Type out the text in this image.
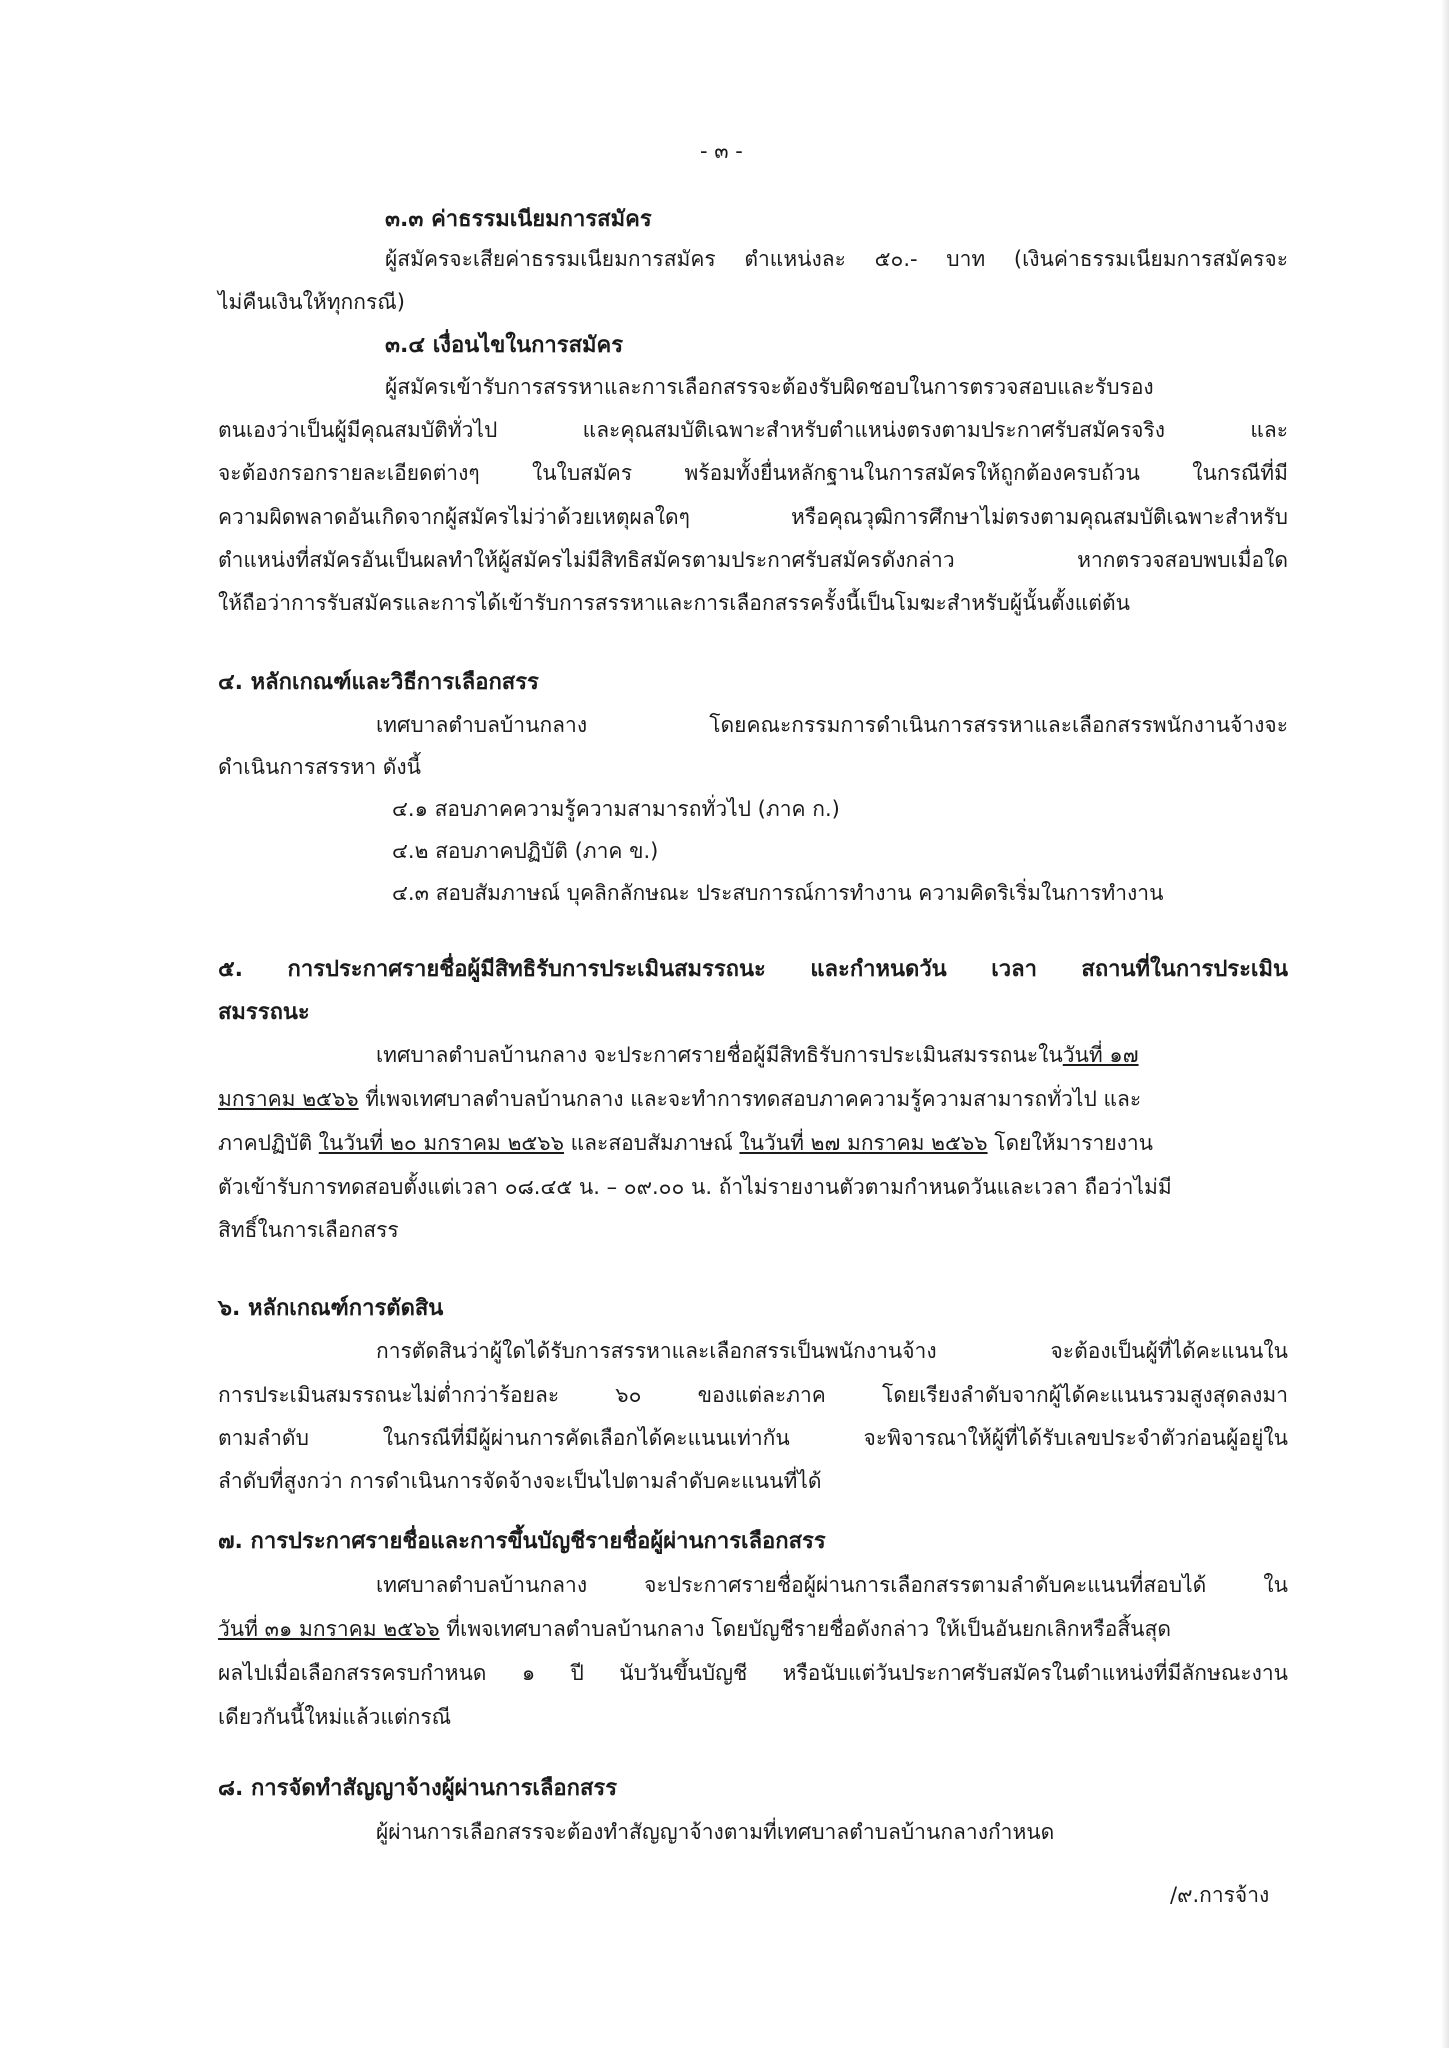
- ๓ -

๓.๓ ค่าธรรมเนียมการสมัคร

ผู้สมัครจะเสียค่าธรรมเนียมการสมัคร ตำแหน่งละ ๕๐.- บาท (เงินค่าธรรมเนียมการสมัครจะ

ไม่คืนเงินให้ทุกกรณี)

๓.๔ เงื่อนไขในการสมัคร

ผู้สมัครเข้ารับการสรรหาและการเลือกสรรจะต้องรับผิดชอบในการตรวจสอบและรับรอง

ตนเองว่าเป็นผู้มีคุณสมบัติทั่วไป และคุณสมบัติเฉพาะสำหรับตำแหน่งตรงตามประกาศรับสมัครจริง และ

จะต้องกรอกรายละเอียดต่างๆ ในใบสมัคร พร้อมทั้งยื่นหลักฐานในการสมัครให้ถูกต้องครบถ้วน ในกรณีที่มี

ความผิดพลาดอันเกิดจากผู้สมัครไม่ว่าด้วยเหตุผลใดๆ หรือคุณวุฒิการศึกษาไม่ตรงตามคุณสมบัติเฉพาะสำหรับ

ตำแหน่งที่สมัครอันเป็นผลทำให้ผู้สมัครไม่มีสิทธิสมัครตามประกาศรับสมัครดังกล่าว หากตรวจสอบพบเมื่อใด

ให้ถือว่าการรับสมัครและการได้เข้ารับการสรรหาและการเลือกสรรครั้งนี้เป็นโมฆะสำหรับผู้นั้นตั้งแต่ต้น

๔. หลักเกณฑ์และวิธีการเลือกสรร

เทศบาลตำบลบ้านกลาง โดยคณะกรรมการดำเนินการสรรหาและเลือกสรรพนักงานจ้างจะ

ดำเนินการสรรหา ดังนี้

๔.๑ สอบภาคความรู้ความสามารถทั่วไป (ภาค ก.)

๔.๒ สอบภาคปฏิบัติ (ภาค ข.)

๔.๓ สอบสัมภาษณ์ บุคลิกลักษณะ ประสบการณ์การทำงาน ความคิดริเริ่มในการทำงาน

๕. การประกาศรายชื่อผู้มีสิทธิรับการประเมินสมรรถนะ และกำหนดวัน เวลา สถานที่ในการประเมิน

สมรรถนะ

เทศบาลตำบลบ้านกลาง จะประกาศรายชื่อผู้มีสิทธิรับการประเมินสมรรถนะในวันที่ ๑๗

มกราคม ๒๕๖๖ ที่เพจเทศบาลตำบลบ้านกลาง และจะทำการทดสอบภาคความรู้ความสามารถทั่วไป และ

ภาคปฏิบัติ ในวันที่ ๒๐ มกราคม ๒๕๖๖ และสอบสัมภาษณ์ ในวันที่ ๒๗ มกราคม ๒๕๖๖ โดยให้มารายงาน

ตัวเข้ารับการทดสอบตั้งแต่เวลา ๐๘.๔๕ น. – ๐๙.๐๐ น. ถ้าไม่รายงานตัวตามกำหนดวันและเวลา ถือว่าไม่มี

สิทธิ์ในการเลือกสรร

๖. หลักเกณฑ์การตัดสิน

การตัดสินว่าผู้ใดได้รับการสรรหาและเลือกสรรเป็นพนักงานจ้าง จะต้องเป็นผู้ที่ได้คะแนนใน

การประเมินสมรรถนะไม่ต่ำกว่าร้อยละ ๖๐ ของแต่ละภาค โดยเรียงลำดับจากผู้ได้คะแนนรวมสูงสุดลงมา

ตามลำดับ ในกรณีที่มีผู้ผ่านการคัดเลือกได้คะแนนเท่ากัน จะพิจารณาให้ผู้ที่ได้รับเลขประจำตัวก่อนผู้อยู่ใน

ลำดับที่สูงกว่า การดำเนินการจัดจ้างจะเป็นไปตามลำดับคะแนนที่ได้

๗. การประกาศรายชื่อและการขึ้นบัญชีรายชื่อผู้ผ่านการเลือกสรร

เทศบาลตำบลบ้านกลาง จะประกาศรายชื่อผู้ผ่านการเลือกสรรตามลำดับคะแนนที่สอบได้ ใน

วันที่ ๓๑ มกราคม ๒๕๖๖ ที่เพจเทศบาลตำบลบ้านกลาง โดยบัญชีรายชื่อดังกล่าว ให้เป็นอันยกเลิกหรือสิ้นสุด

ผลไปเมื่อเลือกสรรครบกำหนด ๑ ปี นับวันขึ้นบัญชี หรือนับแต่วันประกาศรับสมัครในตำแหน่งที่มีลักษณะงาน

เดียวกันนี้ใหม่แล้วแต่กรณี

๘. การจัดทำสัญญาจ้างผู้ผ่านการเลือกสรร

ผู้ผ่านการเลือกสรรจะต้องทำสัญญาจ้างตามที่เทศบาลตำบลบ้านกลางกำหนด

/๙.การจ้าง
